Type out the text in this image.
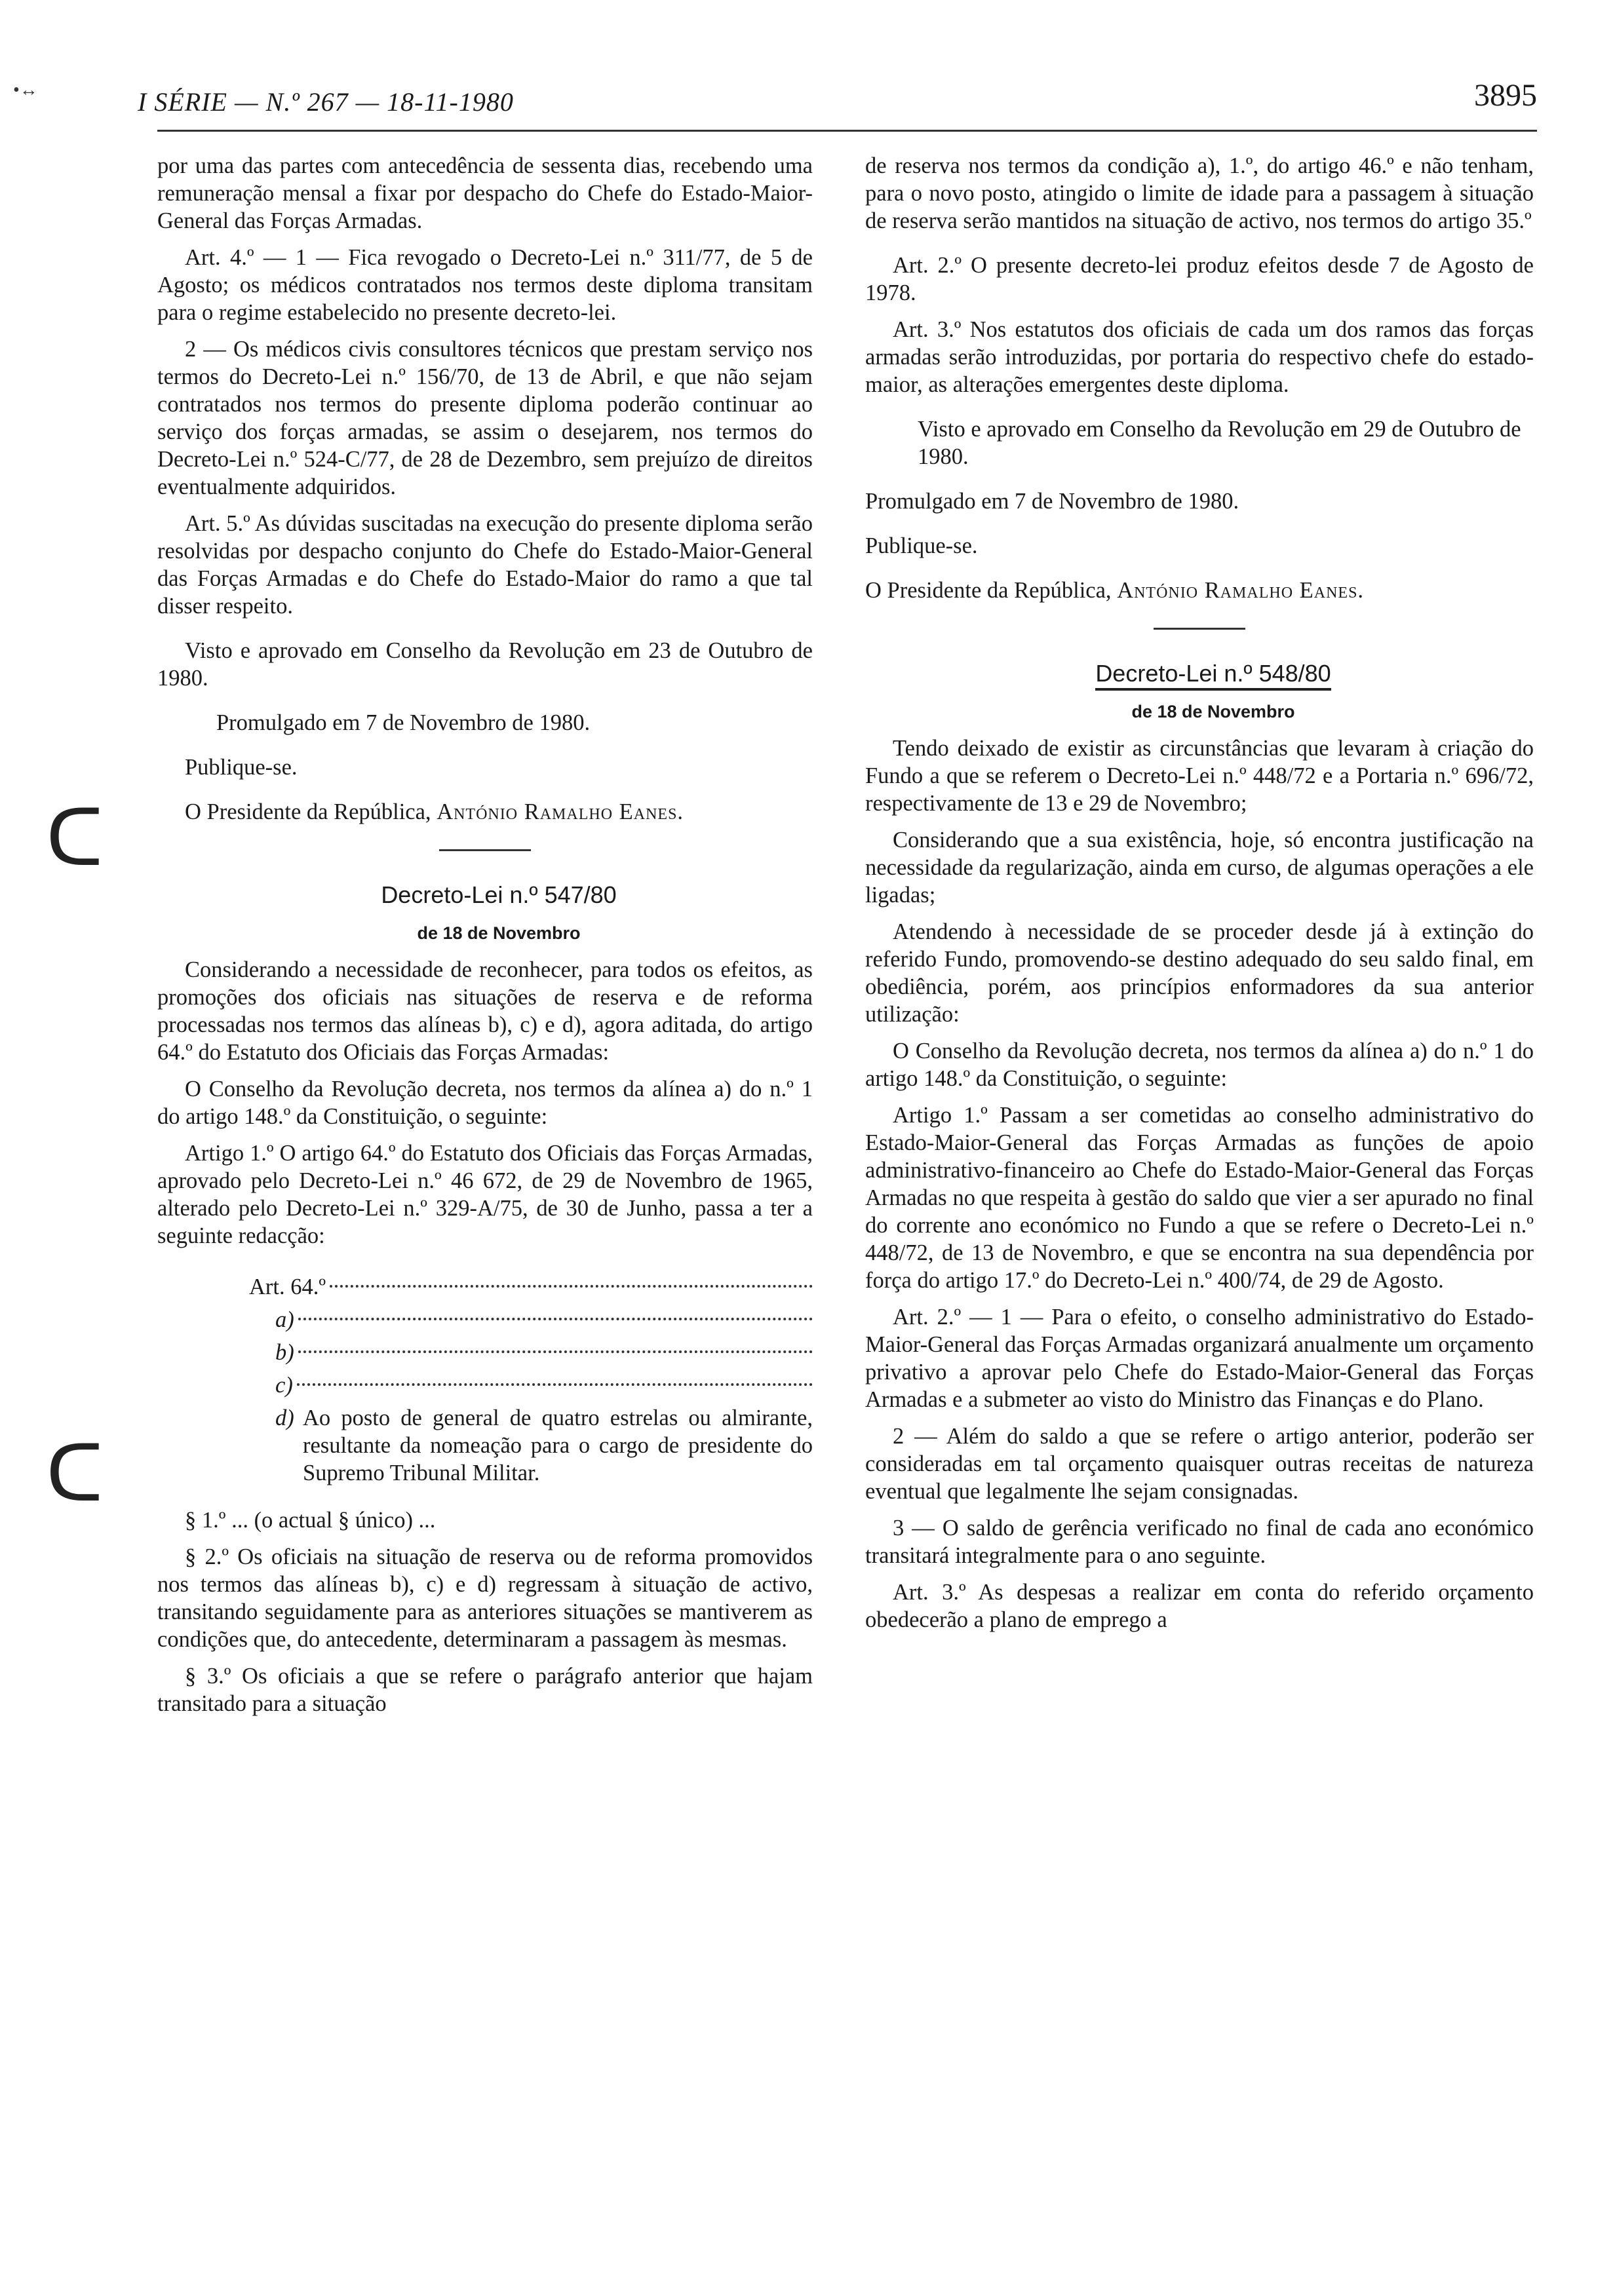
•↔	I SÉRIE — N.º 267 — 18-11-1980	3895
ᑕ
ᑕ

por uma das partes com antecedência de sessenta dias, recebendo uma remuneração mensal a fixar por despacho do Chefe do Estado-Maior-General das Forças Armadas.

Art. 4.º — 1 — Fica revogado o Decreto-Lei n.º 311/77, de 5 de Agosto; os médicos contratados nos termos deste diploma transitam para o regime estabelecido no presente decreto-lei.

2 — Os médicos civis consultores técnicos que prestam serviço nos termos do Decreto-Lei n.º 156/70, de 13 de Abril, e que não sejam contratados nos termos do presente diploma poderão continuar ao serviço dos forças armadas, se assim o desejarem, nos termos do Decreto-Lei n.º 524-C/77, de 28 de Dezembro, sem prejuízo de direitos eventualmente adquiridos.

Art. 5.º As dúvidas suscitadas na execução do presente diploma serão resolvidas por despacho conjunto do Chefe do Estado-Maior-General das Forças Armadas e do Chefe do Estado-Maior do ramo a que tal disser respeito.

Visto e aprovado em Conselho da Revolução em 23 de Outubro de 1980.

Promulgado em 7 de Novembro de 1980.

Publique-se.

O Presidente da República, António Ramalho Eanes.

Decreto-Lei n.º 547/80

de 18 de Novembro

Considerando a necessidade de reconhecer, para todos os efeitos, as promoções dos oficiais nas situações de reserva e de reforma processadas nos termos das alíneas b), c) e d), agora aditada, do artigo 64.º do Estatuto dos Oficiais das Forças Armadas:

O Conselho da Revolução decreta, nos termos da alínea a) do n.º 1 do artigo 148.º da Constituição, o seguinte:

Artigo 1.º O artigo 64.º do Estatuto dos Oficiais das Forças Armadas, aprovado pelo Decreto-Lei n.º 46 672, de 29 de Novembro de 1965, alterado pelo Decreto-Lei n.º 329-A/75, de 30 de Junho, passa a ter a seguinte redacção:

Art. 64.º
a)
b)
c)
d) Ao posto de general de quatro estrelas ou almirante, resultante da nomeação para o cargo de presidente do Supremo Tribunal Militar.

§ 1.º ... (o actual § único) ...

§ 2.º Os oficiais na situação de reserva ou de reforma promovidos nos termos das alíneas b), c) e d) regressam à situação de activo, transitando seguidamente para as anteriores situações se mantiverem as condições que, do antecedente, determinaram a passagem às mesmas.

§ 3.º Os oficiais a que se refere o parágrafo anterior que hajam transitado para a situação

de reserva nos termos da condição a), 1.º, do artigo 46.º e não tenham, para o novo posto, atingido o limite de idade para a passagem à situação de reserva serão mantidos na situação de activo, nos termos do artigo 35.º

Art. 2.º O presente decreto-lei produz efeitos desde 7 de Agosto de 1978.

Art. 3.º Nos estatutos dos oficiais de cada um dos ramos das forças armadas serão introduzidas, por portaria do respectivo chefe do estado-maior, as alterações emergentes deste diploma.

Visto e aprovado em Conselho da Revolução em 29 de Outubro de 1980.

Promulgado em 7 de Novembro de 1980.

Publique-se.

O Presidente da República, António Ramalho Eanes.

Decreto-Lei n.º 548/80

de 18 de Novembro

Tendo deixado de existir as circunstâncias que levaram à criação do Fundo a que se referem o Decreto-Lei n.º 448/72 e a Portaria n.º 696/72, respectivamente de 13 e 29 de Novembro;

Considerando que a sua existência, hoje, só encontra justificação na necessidade da regularização, ainda em curso, de algumas operações a ele ligadas;

Atendendo à necessidade de se proceder desde já à extinção do referido Fundo, promovendo-se destino adequado do seu saldo final, em obediência, porém, aos princípios enformadores da sua anterior utilização:

O Conselho da Revolução decreta, nos termos da alínea a) do n.º 1 do artigo 148.º da Constituição, o seguinte:

Artigo 1.º Passam a ser cometidas ao conselho administrativo do Estado-Maior-General das Forças Armadas as funções de apoio administrativo-financeiro ao Chefe do Estado-Maior-General das Forças Armadas no que respeita à gestão do saldo que vier a ser apurado no final do corrente ano económico no Fundo a que se refere o Decreto-Lei n.º 448/72, de 13 de Novembro, e que se encontra na sua dependência por força do artigo 17.º do Decreto-Lei n.º 400/74, de 29 de Agosto.

Art. 2.º — 1 — Para o efeito, o conselho administrativo do Estado-Maior-General das Forças Armadas organizará anualmente um orçamento privativo a aprovar pelo Chefe do Estado-Maior-General das Forças Armadas e a submeter ao visto do Ministro das Finanças e do Plano.

2 — Além do saldo a que se refere o artigo anterior, poderão ser consideradas em tal orçamento quaisquer outras receitas de natureza eventual que legalmente lhe sejam consignadas.

3 — O saldo de gerência verificado no final de cada ano económico transitará integralmente para o ano seguinte.

Art. 3.º As despesas a realizar em conta do referido orçamento obedecerão a plano de emprego a
